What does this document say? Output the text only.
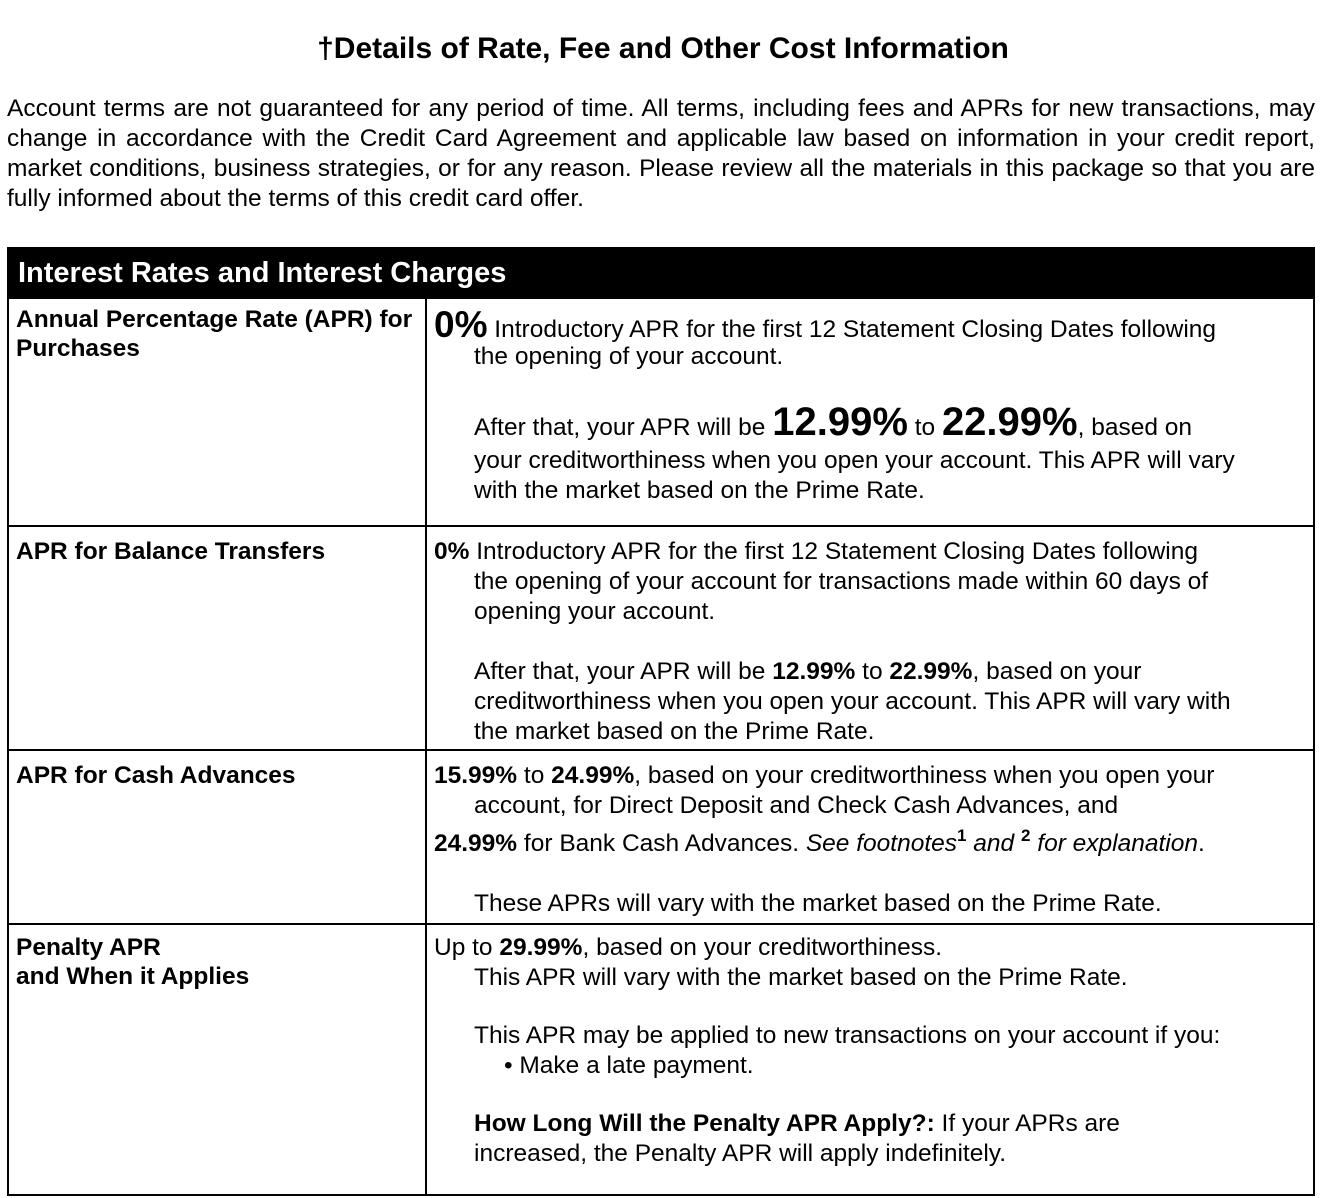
†Details of Rate, Fee and Other Cost Information

Account terms are not guaranteed for any period of time. All terms, including fees and APRs for new transactions, may change in accordance with the Credit Card Agreement and applicable law based on information in your credit report, market conditions, business strategies, or for any reason. Please review all the materials in this package so that you are fully informed about the terms of this credit card offer.

Interest Rates and Interest Charges
Annual Percentage Rate (APR) for Purchases

0% Introductory APR for the first 12 Statement Closing Dates following

the opening of your account.

After that, your APR will be 12.99% to 22.99%, based on

your creditworthiness when you open your account. This APR will vary

with the market based on the Prime Rate.

APR for Balance Transfers	0% Introductory APR for the first 12 Statement Closing Dates following

the opening of your account for transactions made within 60 days of

opening your account.

After that, your APR will be 12.99% to 22.99%, based on your

creditworthiness when you open your account. This APR will vary with

the market based on the Prime Rate.

APR for Cash Advances	15.99% to 24.99%, based on your creditworthiness when you open your

account, for Direct Deposit and Check Cash Advances, and

24.99% for Bank Cash Advances. See footnotes$^1$ and $^2$ for explanation.

These APRs will vary with the market based on the Prime Rate.

Penalty APR
and When it Applies

Up to 29.99%, based on your creditworthiness.

This APR will vary with the market based on the Prime Rate.

This APR may be applied to new transactions on your account if you:

• Make a late payment.

How Long Will the Penalty APR Apply?: If your APRs are

increased, the Penalty APR will apply indefinitely.
